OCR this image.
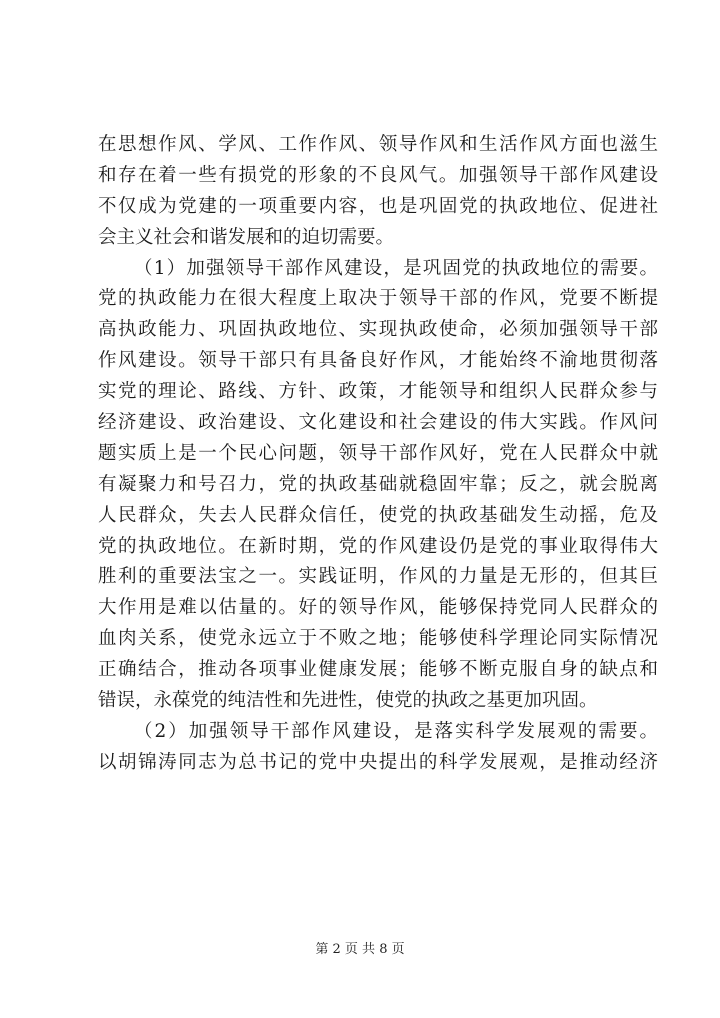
在思想作风、学风、工作作风、领导作风和生活作风方面也滋生
和存在着一些有损党的形象的不良风气。加强领导干部作风建设
不仅成为党建的一项重要内容，也是巩固党的执政地位、促进社
会主义社会和谐发展和的迫切需要。
（1）加强领导干部作风建设，是巩固党的执政地位的需要。
党的执政能力在很大程度上取决于领导干部的作风，党要不断提
高执政能力、巩固执政地位、实现执政使命，必须加强领导干部
作风建设。领导干部只有具备良好作风，才能始终不渝地贯彻落
实党的理论、路线、方针、政策，才能领导和组织人民群众参与
经济建设、政治建设、文化建设和社会建设的伟大实践。作风问
题实质上是一个民心问题，领导干部作风好，党在人民群众中就
有凝聚力和号召力，党的执政基础就稳固牢靠；反之，就会脱离
人民群众，失去人民群众信任，使党的执政基础发生动摇，危及
党的执政地位。在新时期，党的作风建设仍是党的事业取得伟大
胜利的重要法宝之一。实践证明，作风的力量是无形的，但其巨
大作用是难以估量的。好的领导作风，能够保持党同人民群众的
血肉关系，使党永远立于不败之地；能够使科学理论同实际情况
正确结合，推动各项事业健康发展；能够不断克服自身的缺点和
错误，永葆党的纯洁性和先进性，使党的执政之基更加巩固。
（2）加强领导干部作风建设，是落实科学发展观的需要。
以胡锦涛同志为总书记的党中央提出的科学发展观，是推动经济
第 2 页 共 8 页
